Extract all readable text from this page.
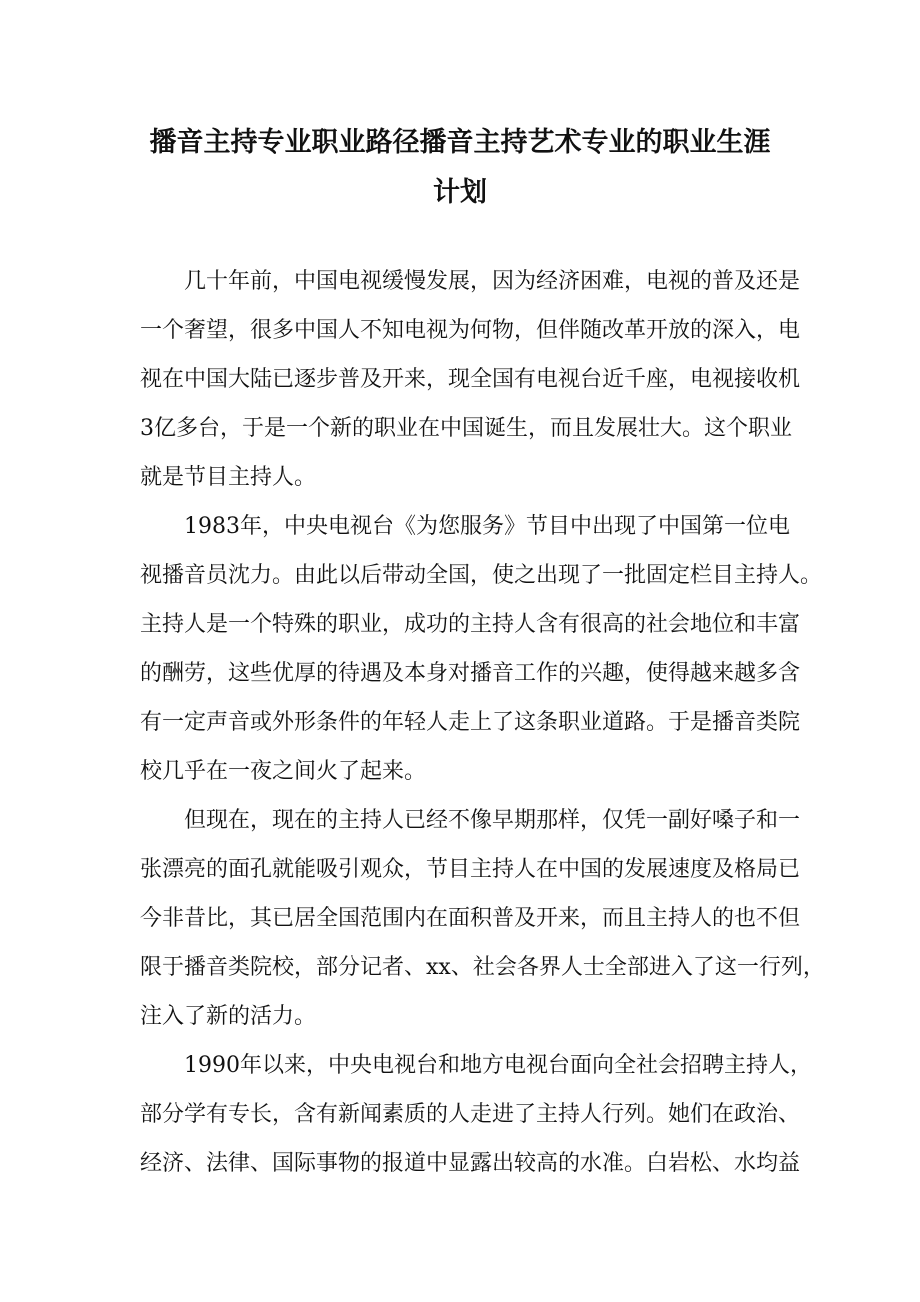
播音主持专业职业路径播音主持艺术专业的职业生涯
计划
几十年前，中国电视缓慢发展，因为经济困难，电视的普及还是
一个奢望，很多中国人不知电视为何物，但伴随改革开放的深入，电
视在中国大陆已逐步普及开来，现全国有电视台近千座，电视接收机
3亿多台，于是一个新的职业在中国诞生，而且发展壮大。这个职业
就是节目主持人。
1983年，中央电视台《为您服务》节目中出现了中国第一位电
视播音员沈力。由此以后带动全国，使之出现了一批固定栏目主持人。
主持人是一个特殊的职业，成功的主持人含有很高的社会地位和丰富
的酬劳，这些优厚的待遇及本身对播音工作的兴趣，使得越来越多含
有一定声音或外形条件的年轻人走上了这条职业道路。于是播音类院
校几乎在一夜之间火了起来。
但现在，现在的主持人已经不像早期那样，仅凭一副好嗓子和一
张漂亮的面孔就能吸引观众，节目主持人在中国的发展速度及格局已
今非昔比，其已居全国范围内在面积普及开来，而且主持人的也不但
限于播音类院校，部分记者、xx、社会各界人士全部进入了这一行列，
注入了新的活力。
1990年以来，中央电视台和地方电视台面向全社会招聘主持人，
部分学有专长，含有新闻素质的人走进了主持人行列。她们在政治、
经济、法律、国际事物的报道中显露出较高的水准。白岩松、水均益
